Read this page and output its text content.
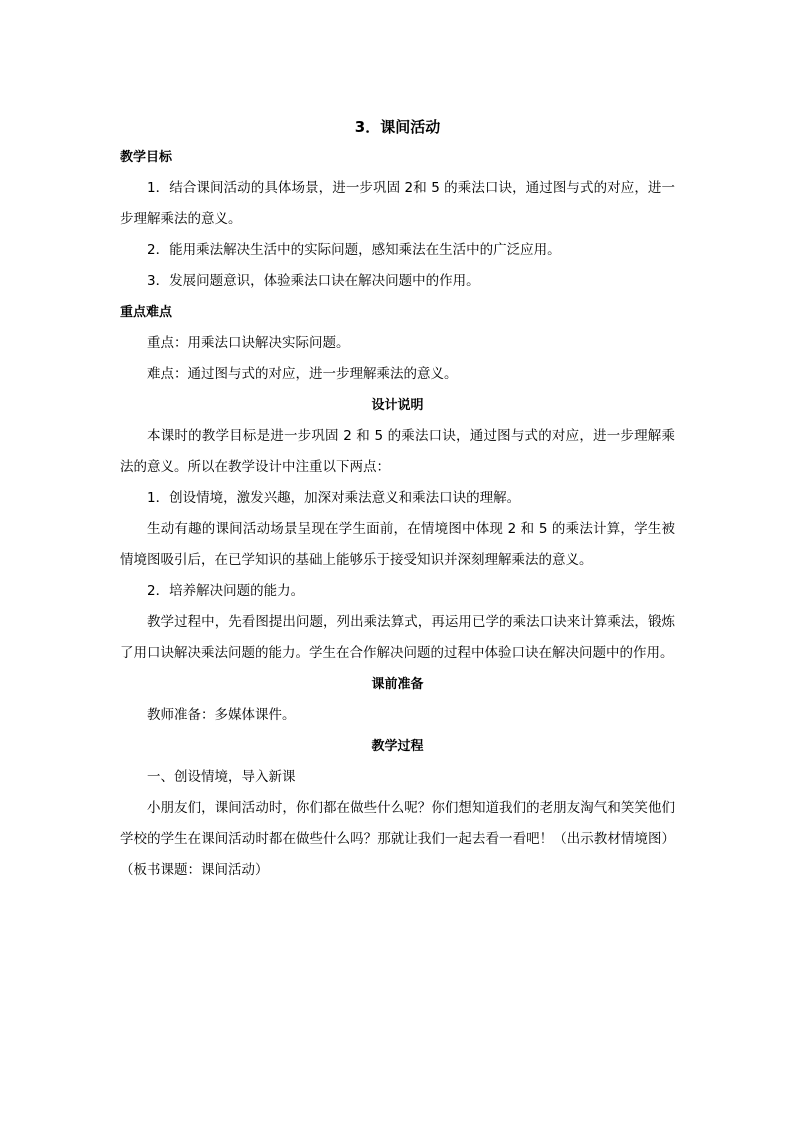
3．课间活动

教学目标

1．结合课间活动的具体场景，进一步巩固 2和 5 的乘法口诀，通过图与式的对应，进一步理解乘法的意义。

2．能用乘法解决生活中的实际问题，感知乘法在生活中的广泛应用。

3．发展问题意识，体验乘法口诀在解决问题中的作用。

重点难点

重点：用乘法口诀解决实际问题。

难点：通过图与式的对应，进一步理解乘法的意义。

设计说明

本课时的教学目标是进一步巩固 2 和 5 的乘法口诀，通过图与式的对应，进一步理解乘法的意义。所以在教学设计中注重以下两点：

1．创设情境，激发兴趣，加深对乘法意义和乘法口诀的理解。

生动有趣的课间活动场景呈现在学生面前，在情境图中体现 2 和 5 的乘法计算，学生被情境图吸引后，在已学知识的基础上能够乐于接受知识并深刻理解乘法的意义。

2．培养解决问题的能力。

教学过程中，先看图提出问题，列出乘法算式，再运用已学的乘法口诀来计算乘法，锻炼了用口诀解决乘法问题的能力。学生在合作解决问题的过程中体验口诀在解决问题中的作用。

课前准备

教师准备：多媒体课件。

教学过程

一、创设情境，导入新课

小朋友们，课间活动时，你们都在做些什么呢？你们想知道我们的老朋友淘气和笑笑他们学校的学生在课间活动时都在做些什么吗？那就让我们一起去看一看吧！（出示教材情境图）（板书课题：课间活动）
